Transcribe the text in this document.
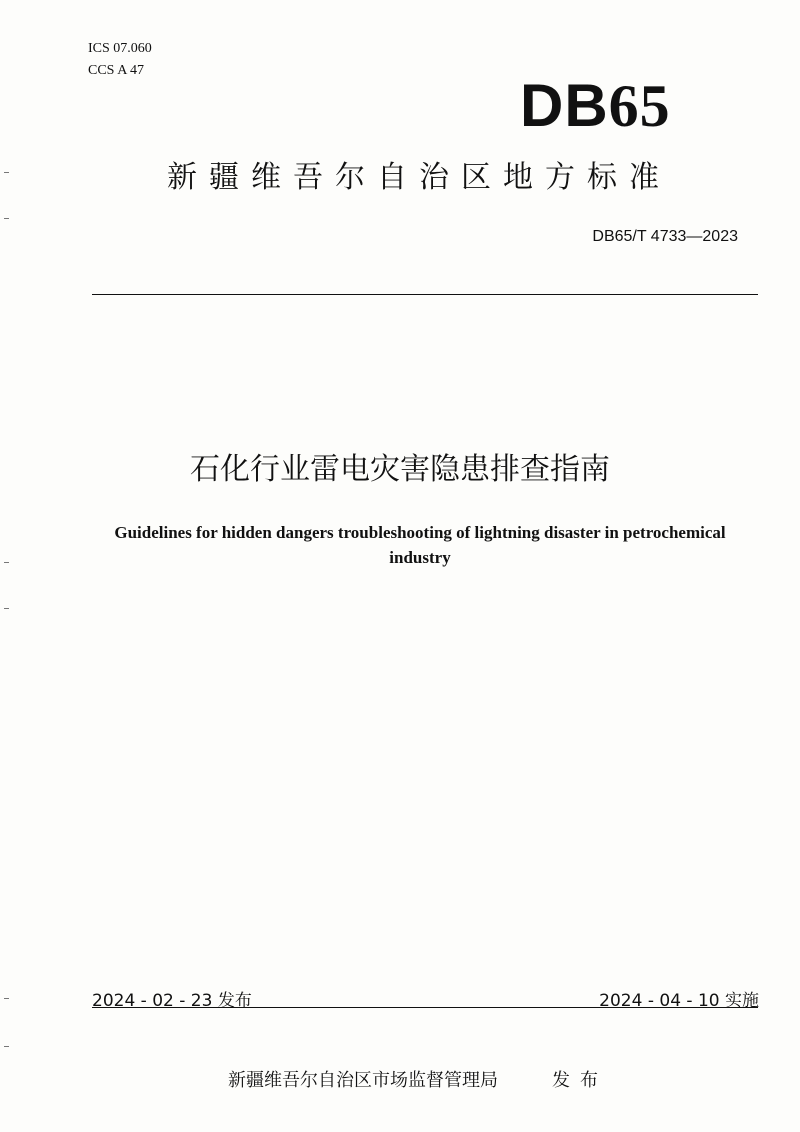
ICS 07.060
CCS A 47
DB65
新疆维吾尔自治区地方标准
DB65/T 4733—2023
石化行业雷电灾害隐患排查指南
Guidelines for hidden dangers troubleshooting of lightning disaster in petrochemical industry
2024 - 02 - 23 发布	2024 - 04 - 10 实施
新疆维吾尔自治区市场监督管理局	发布
